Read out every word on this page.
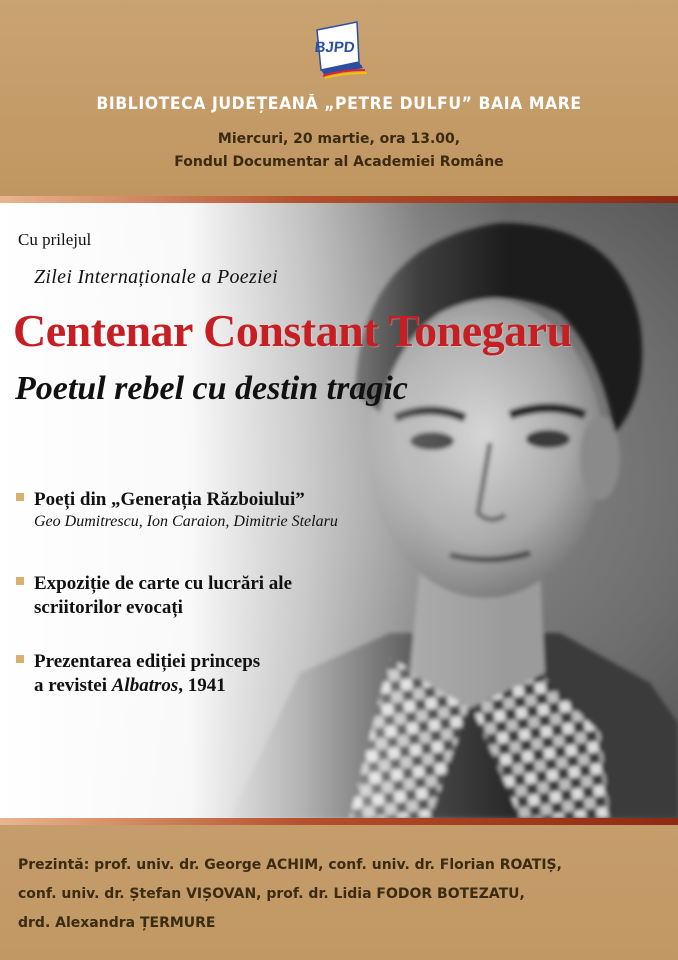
BJPD
Baia Mare
BIBLIOTECA JUDEȚEANĂ „PETRE DULFU” BAIA MARE
Miercuri, 20 martie, ora 13.00,
Fondul Documentar al Academiei Române
Cu prilejul
Zilei Internaționale a Poeziei
Centenar Constant Tonegaru
Poetul rebel cu destin tragic
Poeți din „Generația Războiului”
Geo Dumitrescu, Ion Caraion, Dimitrie Stelaru
Expoziție de carte cu lucrări ale
scriitorilor evocați
Prezentarea ediției princeps
a revistei Albatros, 1941
Prezintă: prof. univ. dr. George ACHIM, conf. univ. dr. Florian ROATIȘ,
conf. univ. dr. Ștefan VIȘOVAN, prof. dr. Lidia FODOR BOTEZATU,
drd. Alexandra ȚERMURE
